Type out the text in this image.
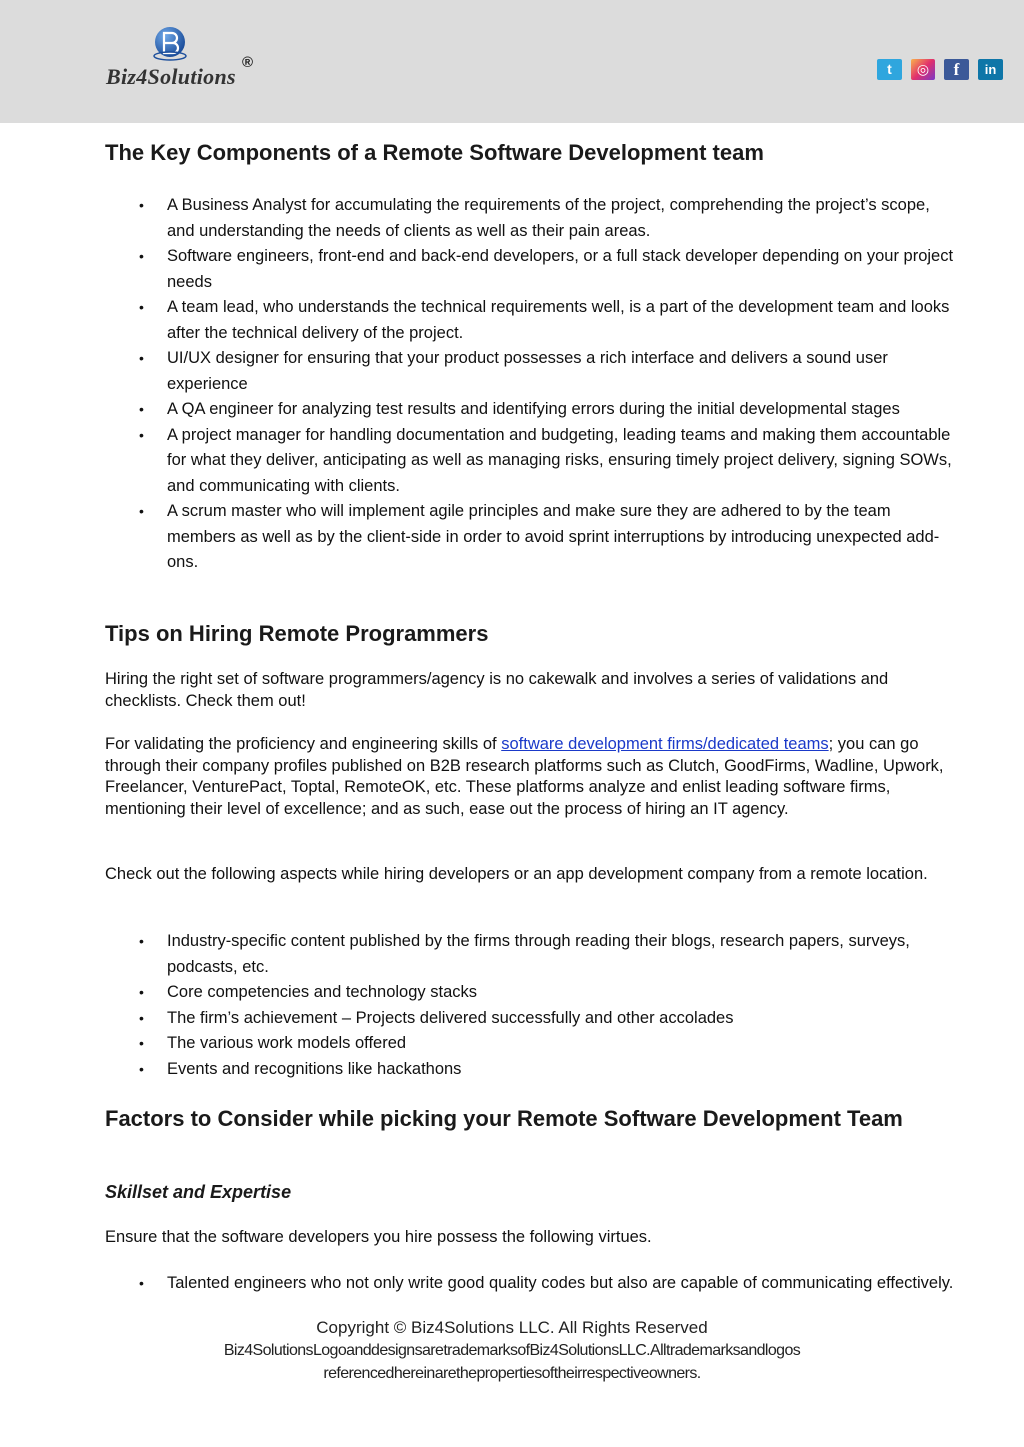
Biz4Solutions
®	t	◎	f	in
The Key Components of a Remote Software Development team
• A Business Analyst for accumulating the requirements of the project, comprehending the project’s scope, and understanding the needs of clients as well as their pain areas.
• Software engineers, front-end and back-end developers, or a full stack developer depending on your project needs
• A team lead, who understands the technical requirements well, is a part of the development team and looks after the technical delivery of the project.
• UI/UX designer for ensuring that your product possesses a rich interface and delivers a sound user experience
• A QA engineer for analyzing test results and identifying errors during the initial developmental stages
• A project manager for handling documentation and budgeting, leading teams and making them accountable for what they deliver, anticipating as well as managing risks, ensuring timely project delivery, signing SOWs, and communicating with clients.
• A scrum master who will implement agile principles and make sure they are adhered to by the team members as well as by the client-side in order to avoid sprint interruptions by introducing unexpected add-ons.
Tips on Hiring Remote Programmers

Hiring the right set of software programmers/agency is no cakewalk and involves a series of validations and checklists. Check them out!

For validating the proficiency and engineering skills of software development firms/dedicated teams; you can go through their company profiles published on B2B research platforms such as Clutch, GoodFirms, Wadline, Upwork, Freelancer, VenturePact, Toptal, RemoteOK, etc. These platforms analyze and enlist leading software firms, mentioning their level of excellence; and as such, ease out the process of hiring an IT agency.

Check out the following aspects while hiring developers or an app development company from a remote location.

• Industry-specific content published by the firms through reading their blogs, research papers, surveys, podcasts, etc.
• Core competencies and technology stacks
• The firm’s achievement – Projects delivered successfully and other accolades
• The various work models offered
• Events and recognitions like hackathons
Factors to Consider while picking your Remote Software Development Team
Skillset and Expertise

Ensure that the software developers you hire possess the following virtues.

• Talented engineers who not only write good quality codes but also are capable of communicating effectively.
Copyright © Biz4Solutions LLC. All Rights Reserved
Biz4SolutionsLogoanddesignsaretrademarksofBiz4SolutionsLLC.Alltrademarksandlogos
referencedhereinarethepropertiesoftheirrespectiveowners.
